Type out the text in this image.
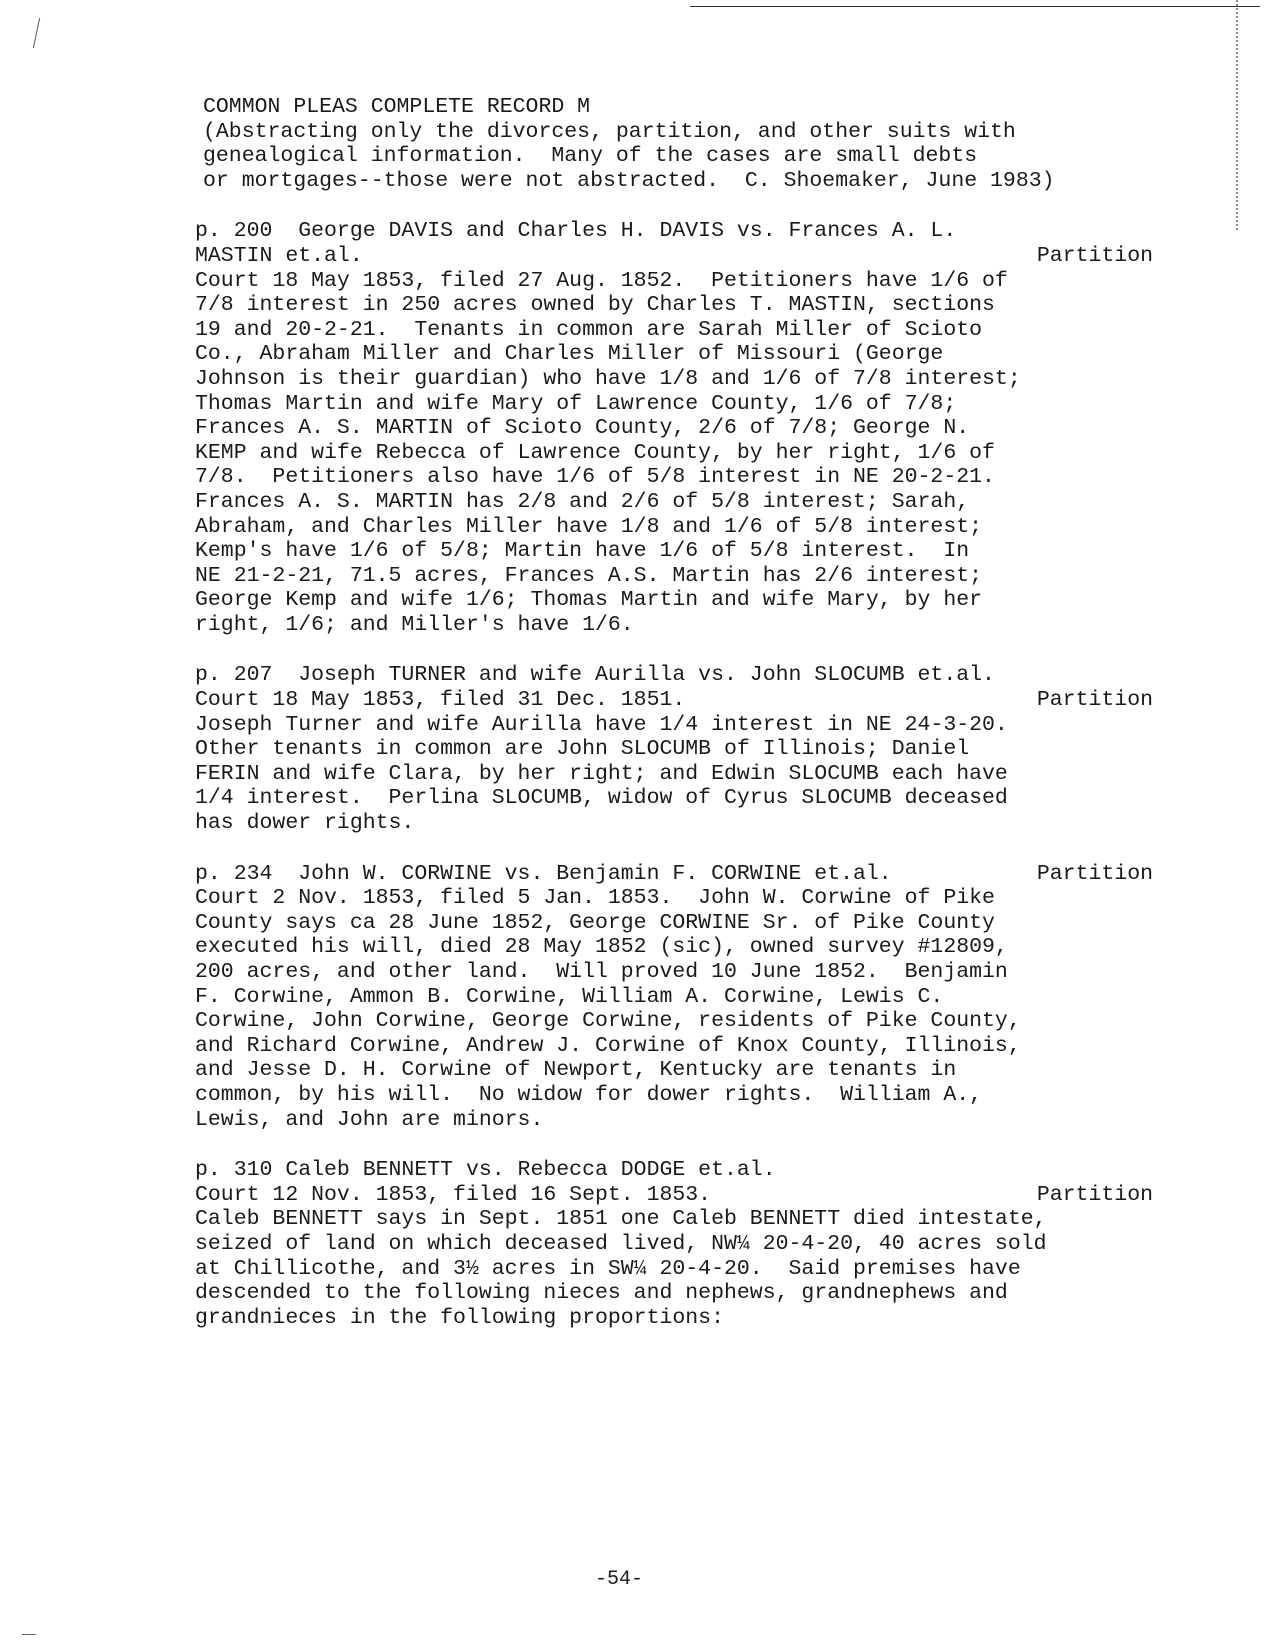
COMMON PLEAS COMPLETE RECORD M
(Abstracting only the divorces, partition, and other suits with
genealogical information.  Many of the cases are small debts
or mortgages--those were not abstracted.  C. Shoemaker, June 1983)
p. 200  George DAVIS and Charles H. DAVIS vs. Frances A. L.
MASTIN et.al.	Partition
Court 18 May 1853, filed 27 Aug. 1852.  Petitioners have 1/6 of
7/8 interest in 250 acres owned by Charles T. MASTIN, sections
19 and 20-2-21.  Tenants in common are Sarah Miller of Scioto
Co., Abraham Miller and Charles Miller of Missouri (George
Johnson is their guardian) who have 1/8 and 1/6 of 7/8 interest;
Thomas Martin and wife Mary of Lawrence County, 1/6 of 7/8;
Frances A. S. MARTIN of Scioto County, 2/6 of 7/8; George N.
KEMP and wife Rebecca of Lawrence County, by her right, 1/6 of
7/8.  Petitioners also have 1/6 of 5/8 interest in NE 20-2-21.
Frances A. S. MARTIN has 2/8 and 2/6 of 5/8 interest; Sarah,
Abraham, and Charles Miller have 1/8 and 1/6 of 5/8 interest;
Kemp's have 1/6 of 5/8; Martin have 1/6 of 5/8 interest.  In
NE 21-2-21, 71.5 acres, Frances A.S. Martin has 2/6 interest;
George Kemp and wife 1/6; Thomas Martin and wife Mary, by her
right, 1/6; and Miller's have 1/6.
p. 207  Joseph TURNER and wife Aurilla vs. John SLOCUMB et.al.
Court 18 May 1853, filed 31 Dec. 1851.	Partition
Joseph Turner and wife Aurilla have 1/4 interest in NE 24-3-20.
Other tenants in common are John SLOCUMB of Illinois; Daniel
FERIN and wife Clara, by her right; and Edwin SLOCUMB each have
1/4 interest.  Perlina SLOCUMB, widow of Cyrus SLOCUMB deceased
has dower rights.
p. 234  John W. CORWINE vs. Benjamin F. CORWINE et.al.	Partition
Court 2 Nov. 1853, filed 5 Jan. 1853.  John W. Corwine of Pike
County says ca 28 June 1852, George CORWINE Sr. of Pike County
executed his will, died 28 May 1852 (sic), owned survey #12809,
200 acres, and other land.  Will proved 10 June 1852.  Benjamin
F. Corwine, Ammon B. Corwine, William A. Corwine, Lewis C.
Corwine, John Corwine, George Corwine, residents of Pike County,
and Richard Corwine, Andrew J. Corwine of Knox County, Illinois,
and Jesse D. H. Corwine of Newport, Kentucky are tenants in
common, by his will.  No widow for dower rights.  William A.,
Lewis, and John are minors.
p. 310 Caleb BENNETT vs. Rebecca DODGE et.al.
Court 12 Nov. 1853, filed 16 Sept. 1853.	Partition
Caleb BENNETT says in Sept. 1851 one Caleb BENNETT died intestate,
seized of land on which deceased lived, NW¼ 20-4-20, 40 acres sold
at Chillicothe, and 3½ acres in SW¼ 20-4-20.  Said premises have
descended to the following nieces and nephews, grandnephews and
grandnieces in the following proportions:
-54-
